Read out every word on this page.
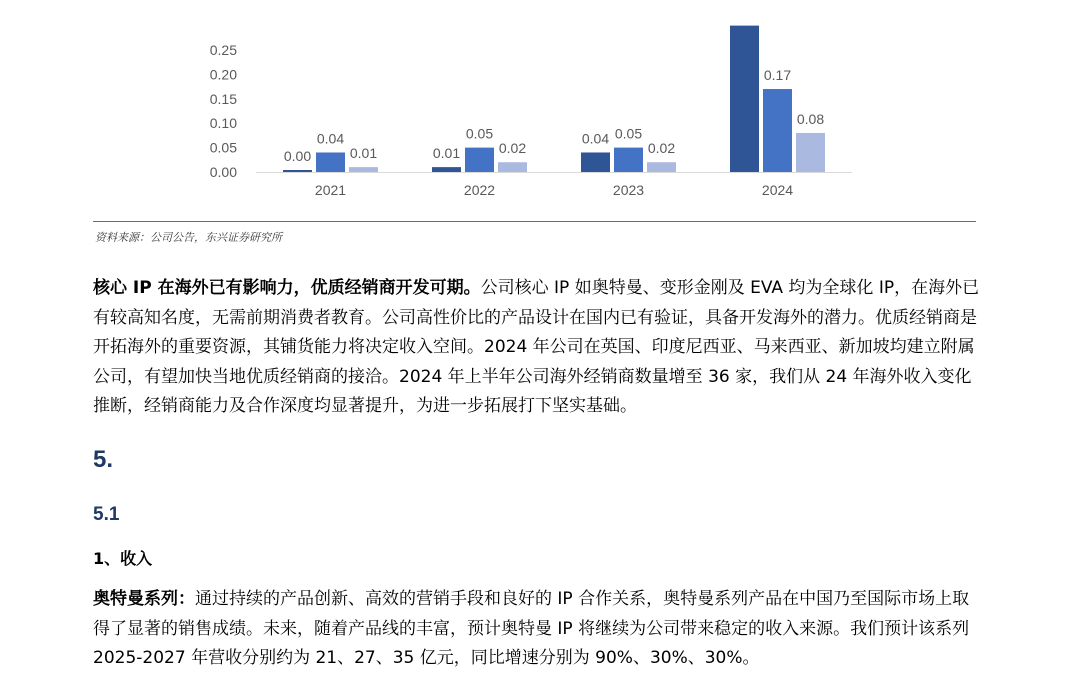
0.00
0.05
0.10
0.15
0.20
0.25
0.00
0.04
0.01
2021
0.01
0.05
0.02
2022
0.04 0.05
0.02
2023
0.17
0.08
2024
资料来源：公司公告，东兴证券研究所
核心 IP 在海外已有影响力，优质经销商开发可期。公司核心 IP 如奥特曼、变形金刚及 EVA 均为全球化 IP，在海外已有较高知名度，无需前期消费者教育。公司高性价比的产品设计在国内已有验证，具备开发海外的潜力。优质经销商是开拓海外的重要资源，其铺货能力将决定收入空间。2024 年公司在英国、印度尼西亚、马来西亚、新加坡均建立附属公司，有望加快当地优质经销商的接洽。2024 年上半年公司海外经销商数量增至 36 家，我们从 24 年海外收入变化推断，经销商能力及合作深度均显著提升，为进一步拓展打下坚实基础。
5.
5.1
1、收入
奥特曼系列：通过持续的产品创新、高效的营销手段和良好的 IP 合作关系，奥特曼系列产品在中国乃至国际市场上取得了显著的销售成绩。未来，随着产品线的丰富，预计奥特曼 IP 将继续为公司带来稳定的收入来源。我们预计该系列 2025-2027 年营收分别约为 21、27、35 亿元，同比增速分别为 90%、30%、30%。
